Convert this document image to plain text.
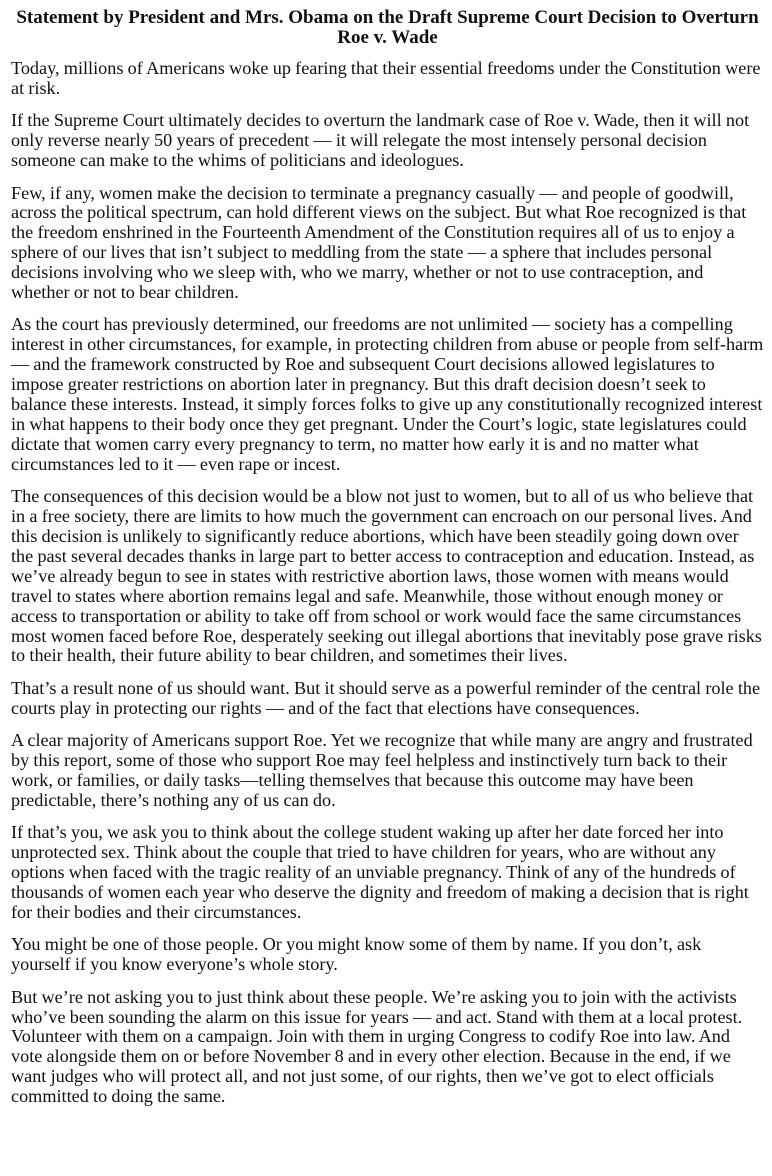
Statement by President and Mrs. Obama on the Draft Supreme Court Decision to Overturn Roe v. Wade

Today, millions of Americans woke up fearing that their essential freedoms under the Constitution were at risk.

If the Supreme Court ultimately decides to overturn the landmark case of Roe v. Wade, then it will not only reverse nearly 50 years of precedent — it will relegate the most intensely personal decision someone can make to the whims of politicians and ideologues.

Few, if any, women make the decision to terminate a pregnancy casually — and people of goodwill, across the political spectrum, can hold different views on the subject. But what Roe recognized is that the freedom enshrined in the Fourteenth Amendment of the Constitution requires all of us to enjoy a sphere of our lives that isn’t subject to meddling from the state — a sphere that includes personal decisions involving who we sleep with, who we marry, whether or not to use contraception, and whether or not to bear children.

As the court has previously determined, our freedoms are not unlimited — society has a compelling interest in other circumstances, for example, in protecting children from abuse or people from self-harm — and the framework constructed by Roe and subsequent Court decisions allowed legislatures to impose greater restrictions on abortion later in pregnancy. But this draft decision doesn’t seek to balance these interests. Instead, it simply forces folks to give up any constitutionally recognized interest in what happens to their body once they get pregnant. Under the Court’s logic, state legislatures could dictate that women carry every pregnancy to term, no matter how early it is and no matter what circumstances led to it — even rape or incest.

The consequences of this decision would be a blow not just to women, but to all of us who believe that in a free society, there are limits to how much the government can encroach on our personal lives. And this decision is unlikely to significantly reduce abortions, which have been steadily going down over the past several decades thanks in large part to better access to contraception and education. Instead, as we’ve already begun to see in states with restrictive abortion laws, those women with means would travel to states where abortion remains legal and safe. Meanwhile, those without enough money or access to transportation or ability to take off from school or work would face the same circumstances most women faced before Roe, desperately seeking out illegal abortions that inevitably pose grave risks to their health, their future ability to bear children, and sometimes their lives.

That’s a result none of us should want. But it should serve as a powerful reminder of the central role the courts play in protecting our rights — and of the fact that elections have consequences.

A clear majority of Americans support Roe. Yet we recognize that while many are angry and frustrated by this report, some of those who support Roe may feel helpless and instinctively turn back to their work, or families, or daily tasks—telling themselves that because this outcome may have been predictable, there’s nothing any of us can do.

If that’s you, we ask you to think about the college student waking up after her date forced her into unprotected sex. Think about the couple that tried to have children for years, who are without any options when faced with the tragic reality of an unviable pregnancy. Think of any of the hundreds of thousands of women each year who deserve the dignity and freedom of making a decision that is right for their bodies and their circumstances.

You might be one of those people. Or you might know some of them by name. If you don’t, ask yourself if you know everyone’s whole story.

But we’re not asking you to just think about these people. We’re asking you to join with the activists who’ve been sounding the alarm on this issue for years — and act. Stand with them at a local protest. Volunteer with them on a campaign. Join with them in urging Congress to codify Roe into law. And vote alongside them on or before November 8 and in every other election. Because in the end, if we want judges who will protect all, and not just some, of our rights, then we’ve got to elect officials committed to doing the same.
